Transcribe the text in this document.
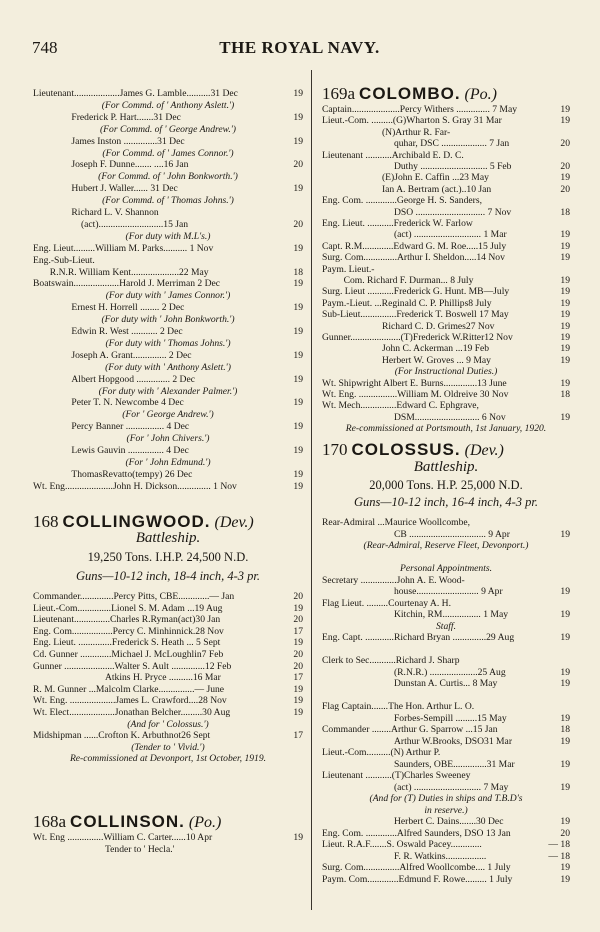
748	THE ROYAL NAVY.
Lieutenant...................James G. Lamble..........31 Dec	19
(For Commd. of ' Anthony Aslett.')
Frederick P. Hart.......31 Dec	19
(For Commd. of ' George Andrew.')
James Inston ..............31 Dec	19
(For Commd. of ' James Connor.')
Joseph F. Dunne....... ....16 Jan	20
(For Commd. of ' John Bonkworth.')
Hubert J. Waller...... 31 Dec	19
(For Commd. of ' Thomas Johns.')
Richard L. V. Shannon
(act)...........................15 Jan	20
(For duty with M.L's.)
Eng. Lieut.........William M. Parks.......... 1 Nov	19
Eng.-Sub-Lieut.
R.N.R. William Kent....................22 May	18
Boatswain...................Harold J. Merriman 2 Dec	19
(For duty with ' James Connor.')
Ernest H. Horrell ........ 2 Dec	19
(For duty with ' John Bonkworth.')
Edwin R. West ........... 2 Dec	19
(For duty with ' Thomas Johns.')
Joseph A. Grant.............. 2 Dec	19
(For duty with ' Anthony Aslett.')
Albert Hopgood .............. 2 Dec	19
(For duty with ' Alexander Palmer.')
Peter T. N. Newcombe 4 Dec	19
(For ' George Andrew.')
Percy Banner ................ 4 Dec	19
(For ' John Chivers.')
Lewis Gauvin ............... 4 Dec	19
(For ' John Edmund.')
ThomasRevatto(tempy) 26 Dec	19
Wt. Eng....................John H. Dickson.............. 1 Nov	19
168 COLLINGWOOD. (Dev.)
Battleship.
19,250 Tons. I.H.P. 24,500 N.D.
Guns—10-12 inch, 18-4 inch, 4-3 pr.
Commander..............Percy Pitts, CBE.............— Jan	20
Lieut.-Com..............Lionel S. M. Adam ...19 Aug	19
Lieutenant...............Charles R.Ryman(act)30 Jan	20
Eng. Com.................Percy C. Minhinnick.28 Nov	17
Eng. Lieut. ..............Frederick S. Heath ... 5 Sept	19
Cd. Gunner .............Michael J. McLoughlin7 Feb	20
Gunner .....................Walter S. Ault ..............12 Feb	20
Atkins H. Pryce ..........16 Mar	17
R. M. Gunner ...Malcolm Clarke...............— June	19
Wt. Eng. ...................James L. Crawford....28 Nov	19
Wt. Elect...................Jonathan Belcher.........30 Aug	19
(And for ' Colossus.')
Midshipman ......Crofton K. Arbuthnot26 Sept	17
(Tender to ' Vivid.')
Re-commissioned at Devonport, 1st October, 1919.
168a COLLINSON. (Po.)
Wt. Eng ...............William C. Carter......10 Apr	19
Tender to ' Hecla.'
169a COLOMBO. (Po.)
Captain....................Percy Withers .............. 7 May	19
Lieut.-Com. .........(G)Wharton S. Gray 31 Mar	19
(N)Arthur R. Far-
quhar, DSC ................... 7 Jan	20
Lieutenant ...........Archibald E. D. C.
Duthy ............................ 5 Feb	20
(E)John E. Caffin ...23 May	19
Ian A. Bertram (act.)..10 Jan	20
Eng. Com. .............George H. S. Sanders,
DSO ............................. 7 Nov	18
Eng. Lieut. ...........Frederick W. Farlow
(act) ............................ 1 Mar	19
Capt. R.M.............Edward G. M. Roe.....15 July	19
Surg. Com..............Arthur I. Sheldon.....14 Nov	19
Paym. Lieut.-
Com. Richard F. Durman... 8 July	19
Surg. Lieut ...........Frederick G. Hunt. MB—July	19
Paym.-Lieut. ...Reginald C. P. Phillips8 July	19
Sub-Lieut...............Frederick T. Boswell 17 May	19
Richard C. D. Grimes27 Nov	19
Gunner.....................(T)Frederick W.Ritter12 Nov	19
John C. Ackerman ...19 Feb	19
Herbert W. Groves ... 9 May	19
(For Instructional Duties.)
Wt. Shipwright Albert E. Burns..............13 June	19
Wt. Eng. ................William M. Oldreive 30 Nov	18
Wt. Mech...............Edward C. Ephgrave,
DSM........................... 6 Nov	19
Re-commissioned at Portsmouth, 1st January, 1920.
170 COLOSSUS. (Dev.)
Battleship.
20,000 Tons. H.P. 25,000 N.D.
Guns—10-12 inch, 16-4 inch, 4-3 pr.
Rear-Admiral ...Maurice Woollcombe,
CB ................................ 9 Apr	19
(Rear-Admiral, Reserve Fleet, Devonport.)
Personal Appointments.
Secretary ...............John A. E. Wood-
house.......................... 9 Apr	19
Flag Lieut. .........Courtenay A. H.
Kitchin, RM................ 1 May	19
Staff.
Eng. Capt. ............Richard Bryan ..............29 Aug	19
Clerk to Sec...........Richard J. Sharp
(R.N.R.) ....................25 Aug	19
Dunstan A. Curtis... 8 May	19
Flag Captain.......The Hon. Arthur L. O.
Forbes-Sempill .........15 May	19
Commander ........Arthur G. Sparrow ...15 Jan	18
Arthur W.Brooks, DSO31 Mar	19
Lieut.-Com..........(N) Arthur P.
Saunders, OBE..............31 Mar	19
Lieutenant ...........(T)Charles Sweeney
(act) ............................ 7 May	19
(And for (T) Duties in ships and T.B.D's
in reserve.)
Herbert C. Dains.......30 Dec	19
Eng. Com. .............Alfred Saunders, DSO 13 Jan	20
Lieut. R.A.F.......S. Oswald Pacey.............	— 18
F. R. Watkins.................	— 18
Surg. Com...............Alfred Woollcombe.... 1 July	19
Paym. Com.............Edmund F. Rowe......... 1 July	19
